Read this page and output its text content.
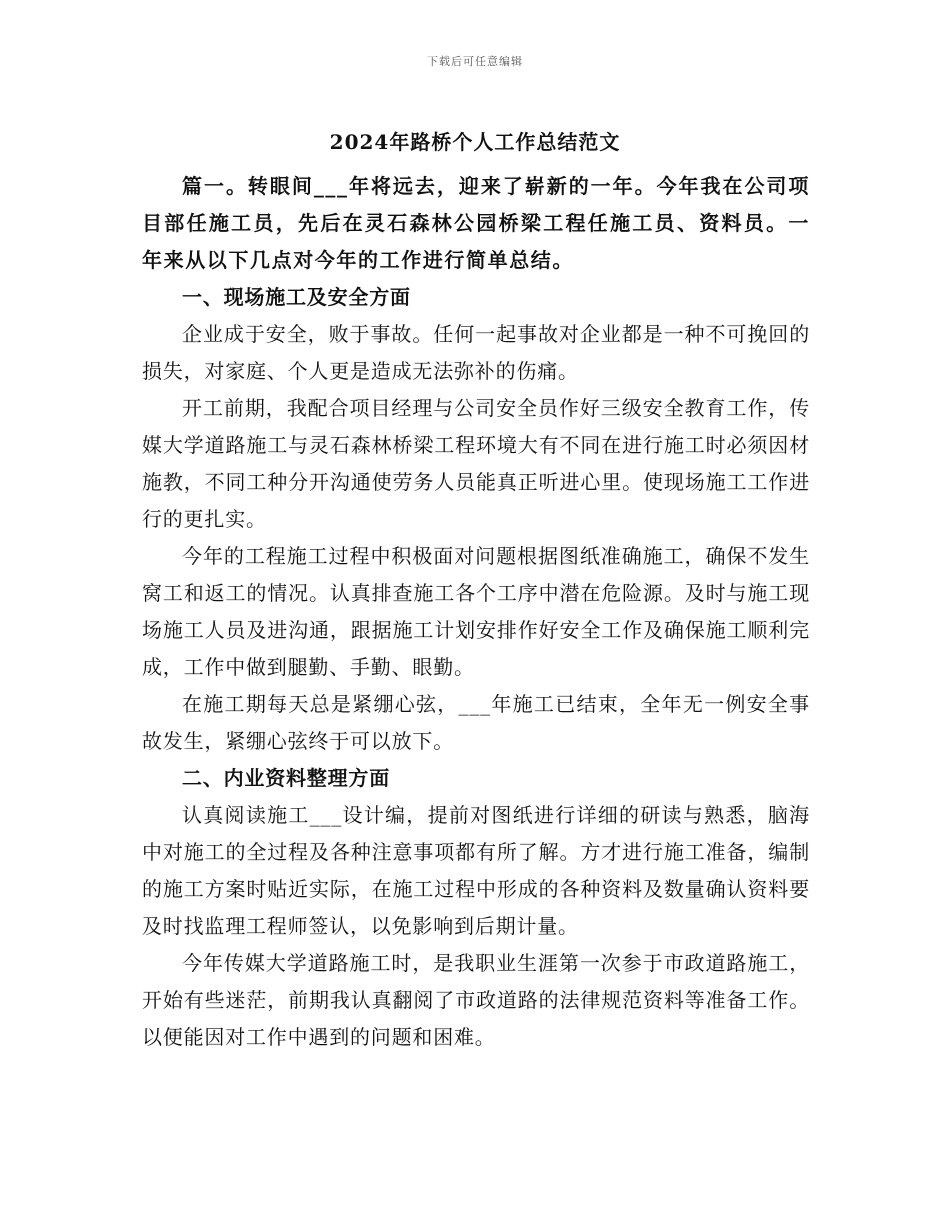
下载后可任意编辑
2024年路桥个人工作总结范文

篇一。转眼间___年将远去，迎来了崭新的一年。今年我在公司项目部任施工员，先后在灵石森林公园桥梁工程任施工员、资料员。一年来从以下几点对今年的工作进行简单总结。

一、现场施工及安全方面

企业成于安全，败于事故。任何一起事故对企业都是一种不可挽回的损失，对家庭、个人更是造成无法弥补的伤痛。

开工前期，我配合项目经理与公司安全员作好三级安全教育工作，传媒大学道路施工与灵石森林桥梁工程环境大有不同在进行施工时必须因材施教，不同工种分开沟通使劳务人员能真正听进心里。使现场施工工作进行的更扎实。

今年的工程施工过程中积极面对问题根据图纸准确施工，确保不发生窝工和返工的情况。认真排查施工各个工序中潜在危险源。及时与施工现场施工人员及进沟通，跟据施工计划安排作好安全工作及确保施工顺利完成，工作中做到腿勤、手勤、眼勤。

在施工期每天总是紧绷心弦，___年施工已结束，全年无一例安全事故发生，紧绷心弦终于可以放下。

二、内业资料整理方面

认真阅读施工___设计编，提前对图纸进行详细的研读与熟悉，脑海中对施工的全过程及各种注意事项都有所了解。方才进行施工准备，编制的施工方案时贴近实际，在施工过程中形成的各种资料及数量确认资料要及时找监理工程师签认，以免影响到后期计量。

今年传媒大学道路施工时，是我职业生涯第一次参于市政道路施工，开始有些迷茫，前期我认真翻阅了市政道路的法律规范资料等准备工作。以便能因对工作中遇到的问题和困难。
